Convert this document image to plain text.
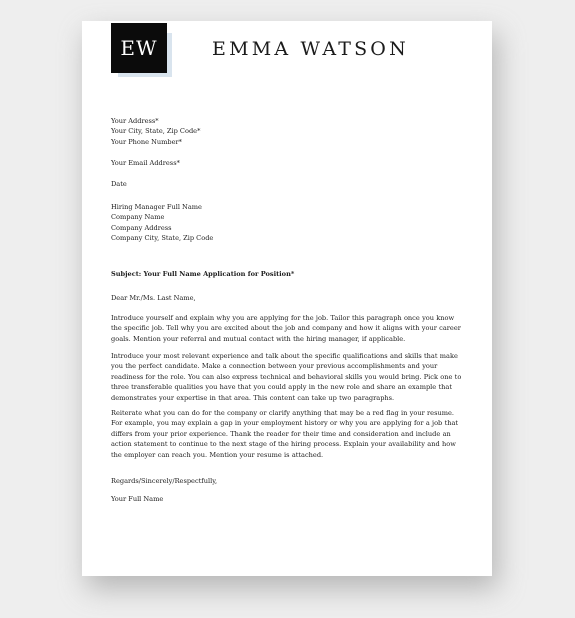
EW	EMMA WATSON
Your Address*
Your City, State, Zip Code*
Your Phone Number*
Your Email Address*
Date
Hiring Manager Full Name
Company Name
Company Address
Company City, State, Zip Code
Subject: Your Full Name Application for Position*
Dear Mr./Ms. Last Name,
Introduce yourself and explain why you are applying for the job. Tailor this paragraph once you know the specific job. Tell why you are excited about the job and company and how it aligns with your career goals. Mention your referral and mutual contact with the hiring manager, if applicable.
Introduce your most relevant experience and talk about the specific qualifications and skills that make you the perfect candidate. Make a connection between your previous accomplishments and your readiness for the role. You can also express technical and behavioral skills you would bring. Pick one to three transferable qualities you have that you could apply in the new role and share an example that demonstrates your expertise in that area. This content can take up two paragraphs.
Reiterate what you can do for the company or clarify anything that may be a red flag in your resume. For example, you may explain a gap in your employment history or why you are applying for a job that differs from your prior experience. Thank the reader for their time and consideration and include an action statement to continue to the next stage of the hiring process. Explain your availability and how the employer can reach you. Mention your resume is attached.
Regards/Sincerely/Respectfully,
Your Full Name
